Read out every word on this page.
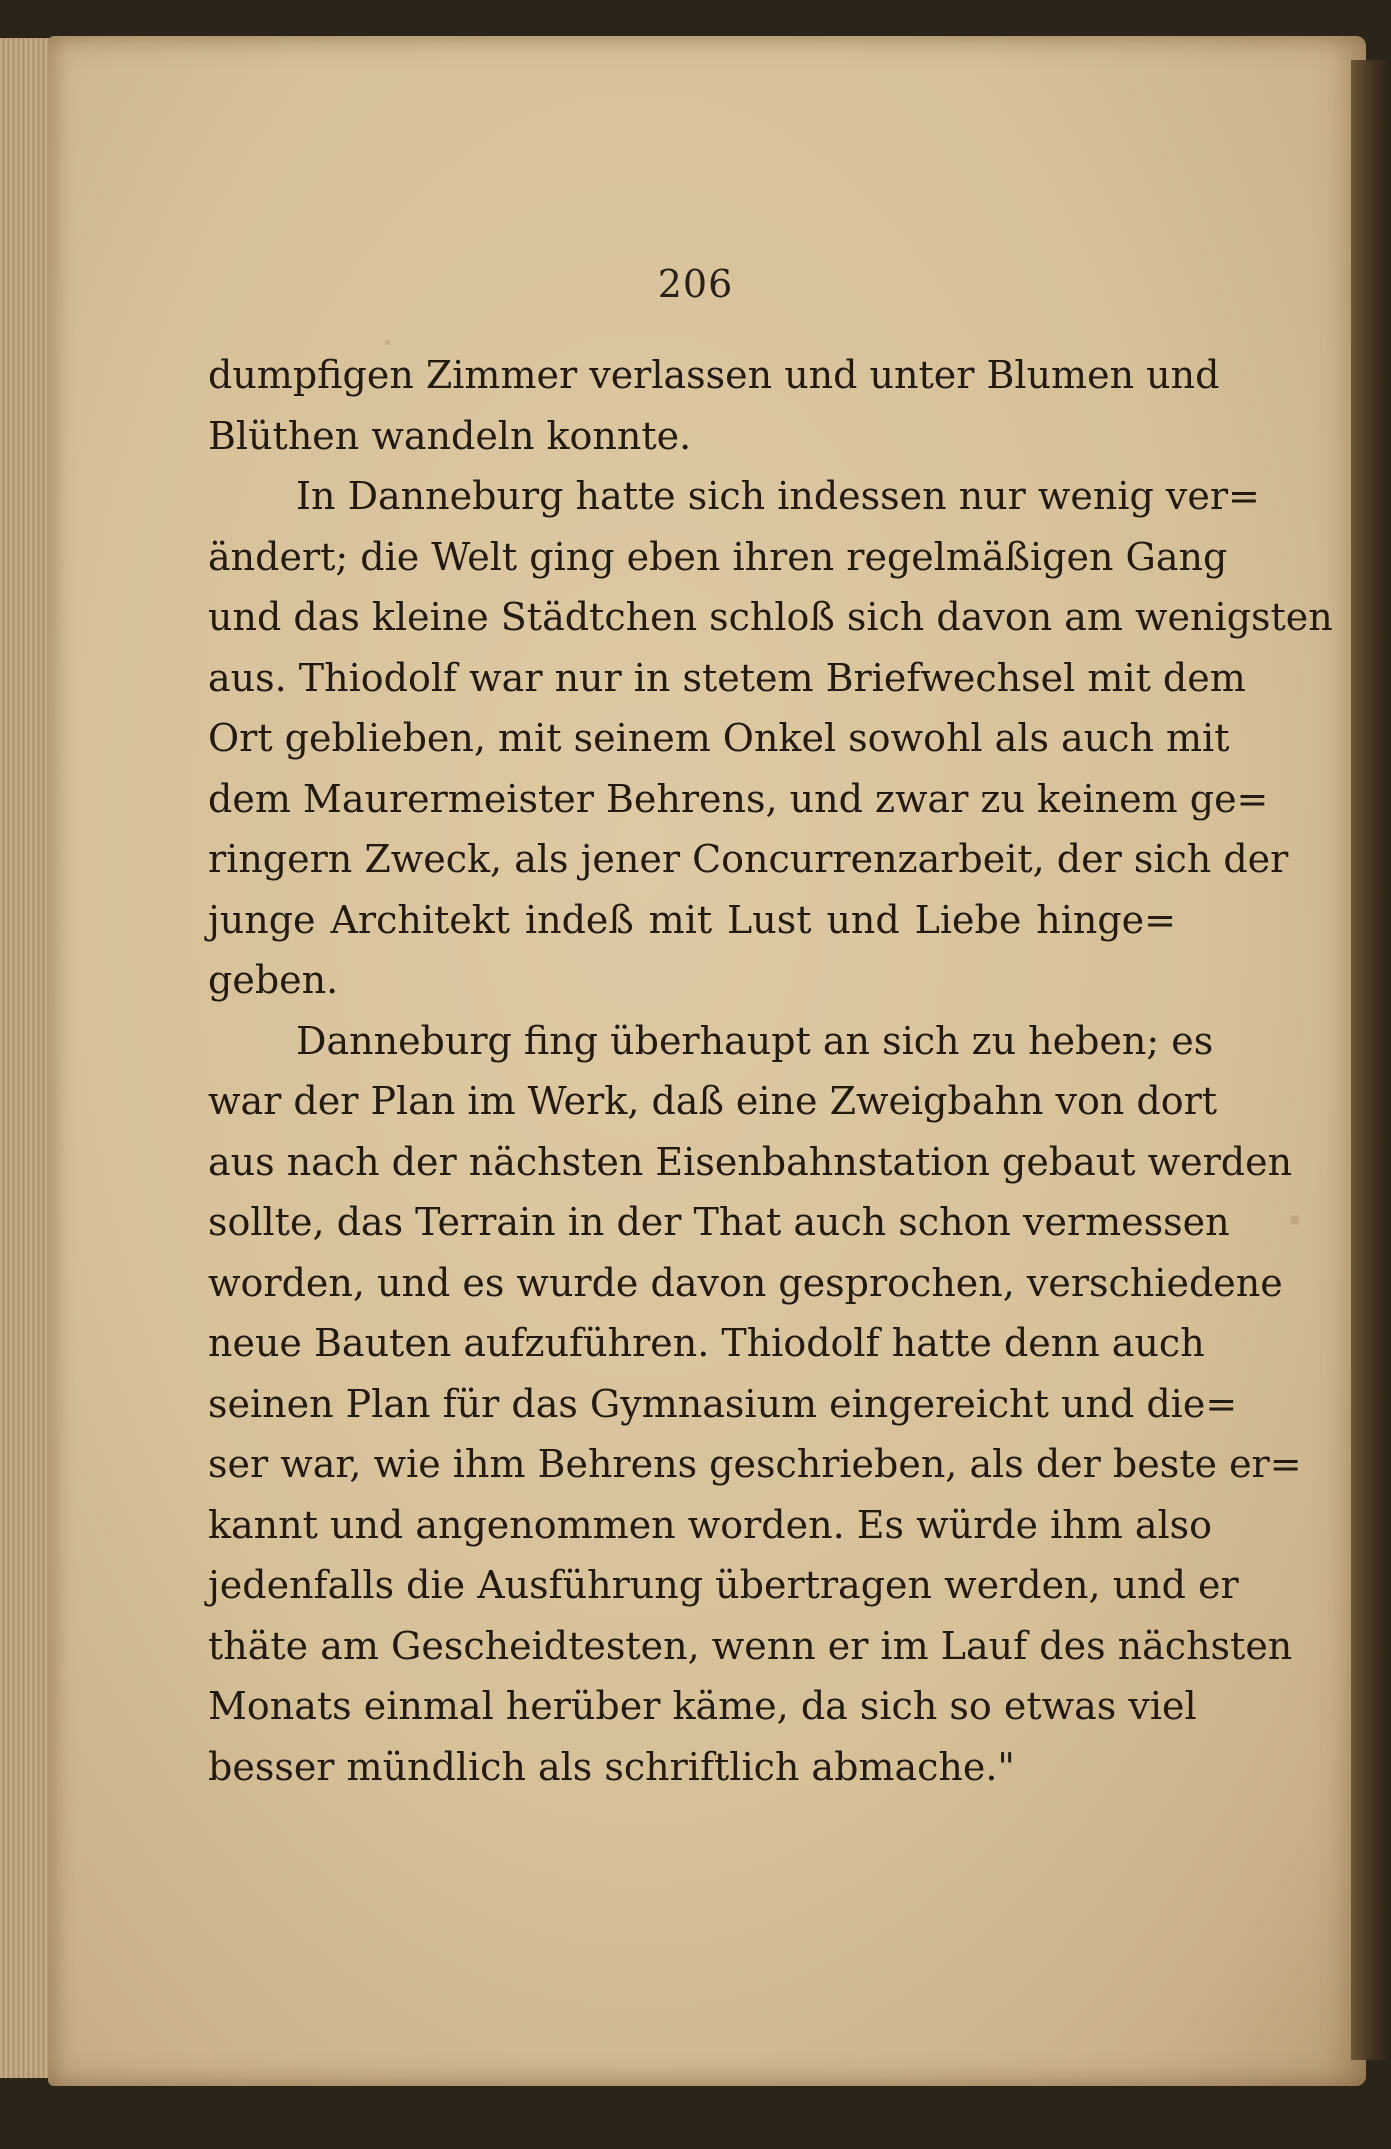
206
dumpfigen Zimmer verlassen und unter Blumen und
Blüthen wandeln konnte.
In Danneburg hatte sich indessen nur wenig ver=
ändert; die Welt ging eben ihren regelmäßigen Gang
und das kleine Städtchen schloß sich davon am wenigsten
aus. Thiodolf war nur in stetem Briefwechsel mit dem
Ort geblieben, mit seinem Onkel sowohl als auch mit
dem Maurermeister Behrens, und zwar zu keinem ge=
ringern Zweck, als jener Concurrenzarbeit, der sich der
junge Architekt indeß mit Lust und Liebe hinge=
geben.
Danneburg fing überhaupt an sich zu heben; es
war der Plan im Werk, daß eine Zweigbahn von dort
aus nach der nächsten Eisenbahnstation gebaut werden
sollte, das Terrain in der That auch schon vermessen
worden, und es wurde davon gesprochen, verschiedene
neue Bauten aufzuführen. Thiodolf hatte denn auch
seinen Plan für das Gymnasium eingereicht und die=
ser war, wie ihm Behrens geschrieben, als der beste er=
kannt und angenommen worden. Es würde ihm also
jedenfalls die Ausführung übertragen werden, und er
thäte am Gescheidtesten, wenn er im Lauf des nächsten
Monats einmal herüber käme, da sich so etwas viel
besser mündlich als schriftlich abmache."
